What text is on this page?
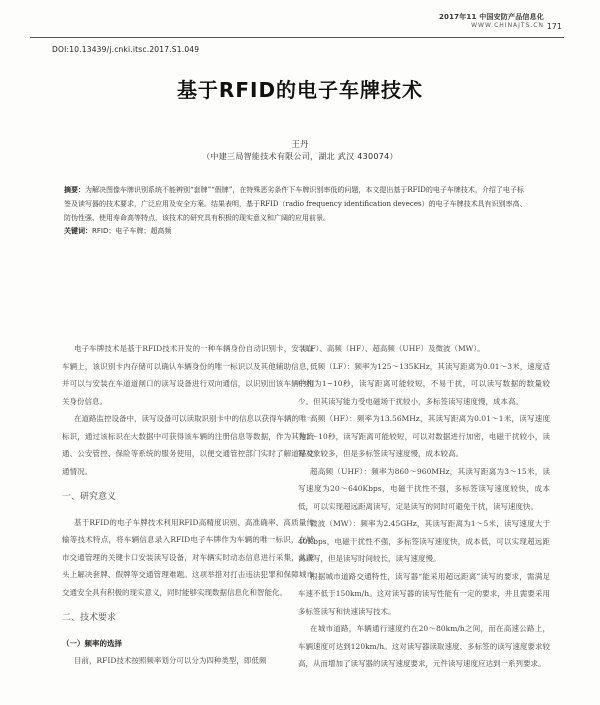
2017年11 中国安防产品信息化
WWW.CHINAJTS.CN 171
DOI:10.13439/j.cnki.itsc.2017.S1.049
基于RFID的电子车牌技术
王丹
（中建三局智能技术有限公司，湖北 武汉 430074）
摘要：为解决图像车牌识别系统不能辨别“套牌”“假牌”，在特殊恶劣条件下车牌识别率低的问题，本文提出基于RFID的电子车牌技术，介绍了电子标签及读写器的技术要求，广泛应用及安全方案。结果表明，基于RFID（radio frequency identification deveces）的电子车牌技术具有识别率高、防伪性强、使用寿命高等特点，该技术的研究具有积极的现实意义和广阔的应用前景。
关键词：RFID；电子车牌；超高频

电子车牌技术是基于RFID技术开发的一种车辆身份自动识别卡，安装在车辆上，该识别卡内存储可以确认车辆身份的唯一标识以及其他辅助信息，并可以与安装在车道道闸口的读写设备进行双向通信，以识别出该车辆的相关身份信息。

在道路监控设备中，读写设备可以读取识别卡中的信息以获得车辆的唯一标识，通过该标识在大数据中可获得该车辆的注册信息等数据，作为其他流通、公安管控、保险等系统的服务使用，以便交通管控部门实时了解道路交通情况。

一、研究意义

基于RFID的电子车牌技术利用RFID高精度识别、高准确率、高质量传输等技术特点，将车辆信息录入RFID电子车牌作为车辆的唯一标识，在城市交通管理的关键卡口安装读写设备，对车辆实时动态信息进行采集，从源头上解决套牌、假牌等交通管理难题。这项举措对打击违法犯罪和保障城市交通安全具有积极的现实意义，同时能够实现数据信息化和智能化。

二、技术要求

（一）频率的选择

目前，RFID技术按照频率划分可以分为四种类型，即低频

（LF）、高频（HF）、超高频（UHF）及微波（MW）。

低频（LF）：频率为125～135KHz，其读写距离为0.01～3米，速度适中约为1~10秒，读写距离可能较短，不易干扰，可以读写数据的数量较少。但其读写能力受电磁场干扰较小，多标签读写速度慢，成本高。

高频（HF）：频率为13.56MHz，其读写距离为0.01～1米，读写速度为1～10秒，读写距离可能较短，可以对数据进行加密，电磁干扰较小，读写对象较多，但是多标签读写速度慢，成本较高。

超高频（UHF）：频率为860～960MHz，其读写距离为3～15米，读写速度为20～640Kbps，电磁干扰性不强，多标签读写速度较快，成本低，可以实现超远距离读写，定是读写的同时可避免干扰，读写速度快。

微波（MW）：频率为2.45GHz，其读写距离为1～5米，读写速度大于40Kbps，电磁干扰性不强，多标签读写速度快，成本低，可以实现超远距离读写，但是读写时间较长，读写速度慢。

根据城市道路交通特性，读写器“能采用超远距离”读写的要求，需满足车速不低于150km/h。这对读写器的读写性能有一定的要求，并且需要采用多标签读写和快速读写技术。

在城市道路，车辆通行速度约在20～80km/h之间，而在高速公路上，车辆速度可达到120km/h。这对读写器读取速度、多标签的读写速度要求较高，从而增加了读写器的读写速度要求，元件读写速度应达到一系列要求。
